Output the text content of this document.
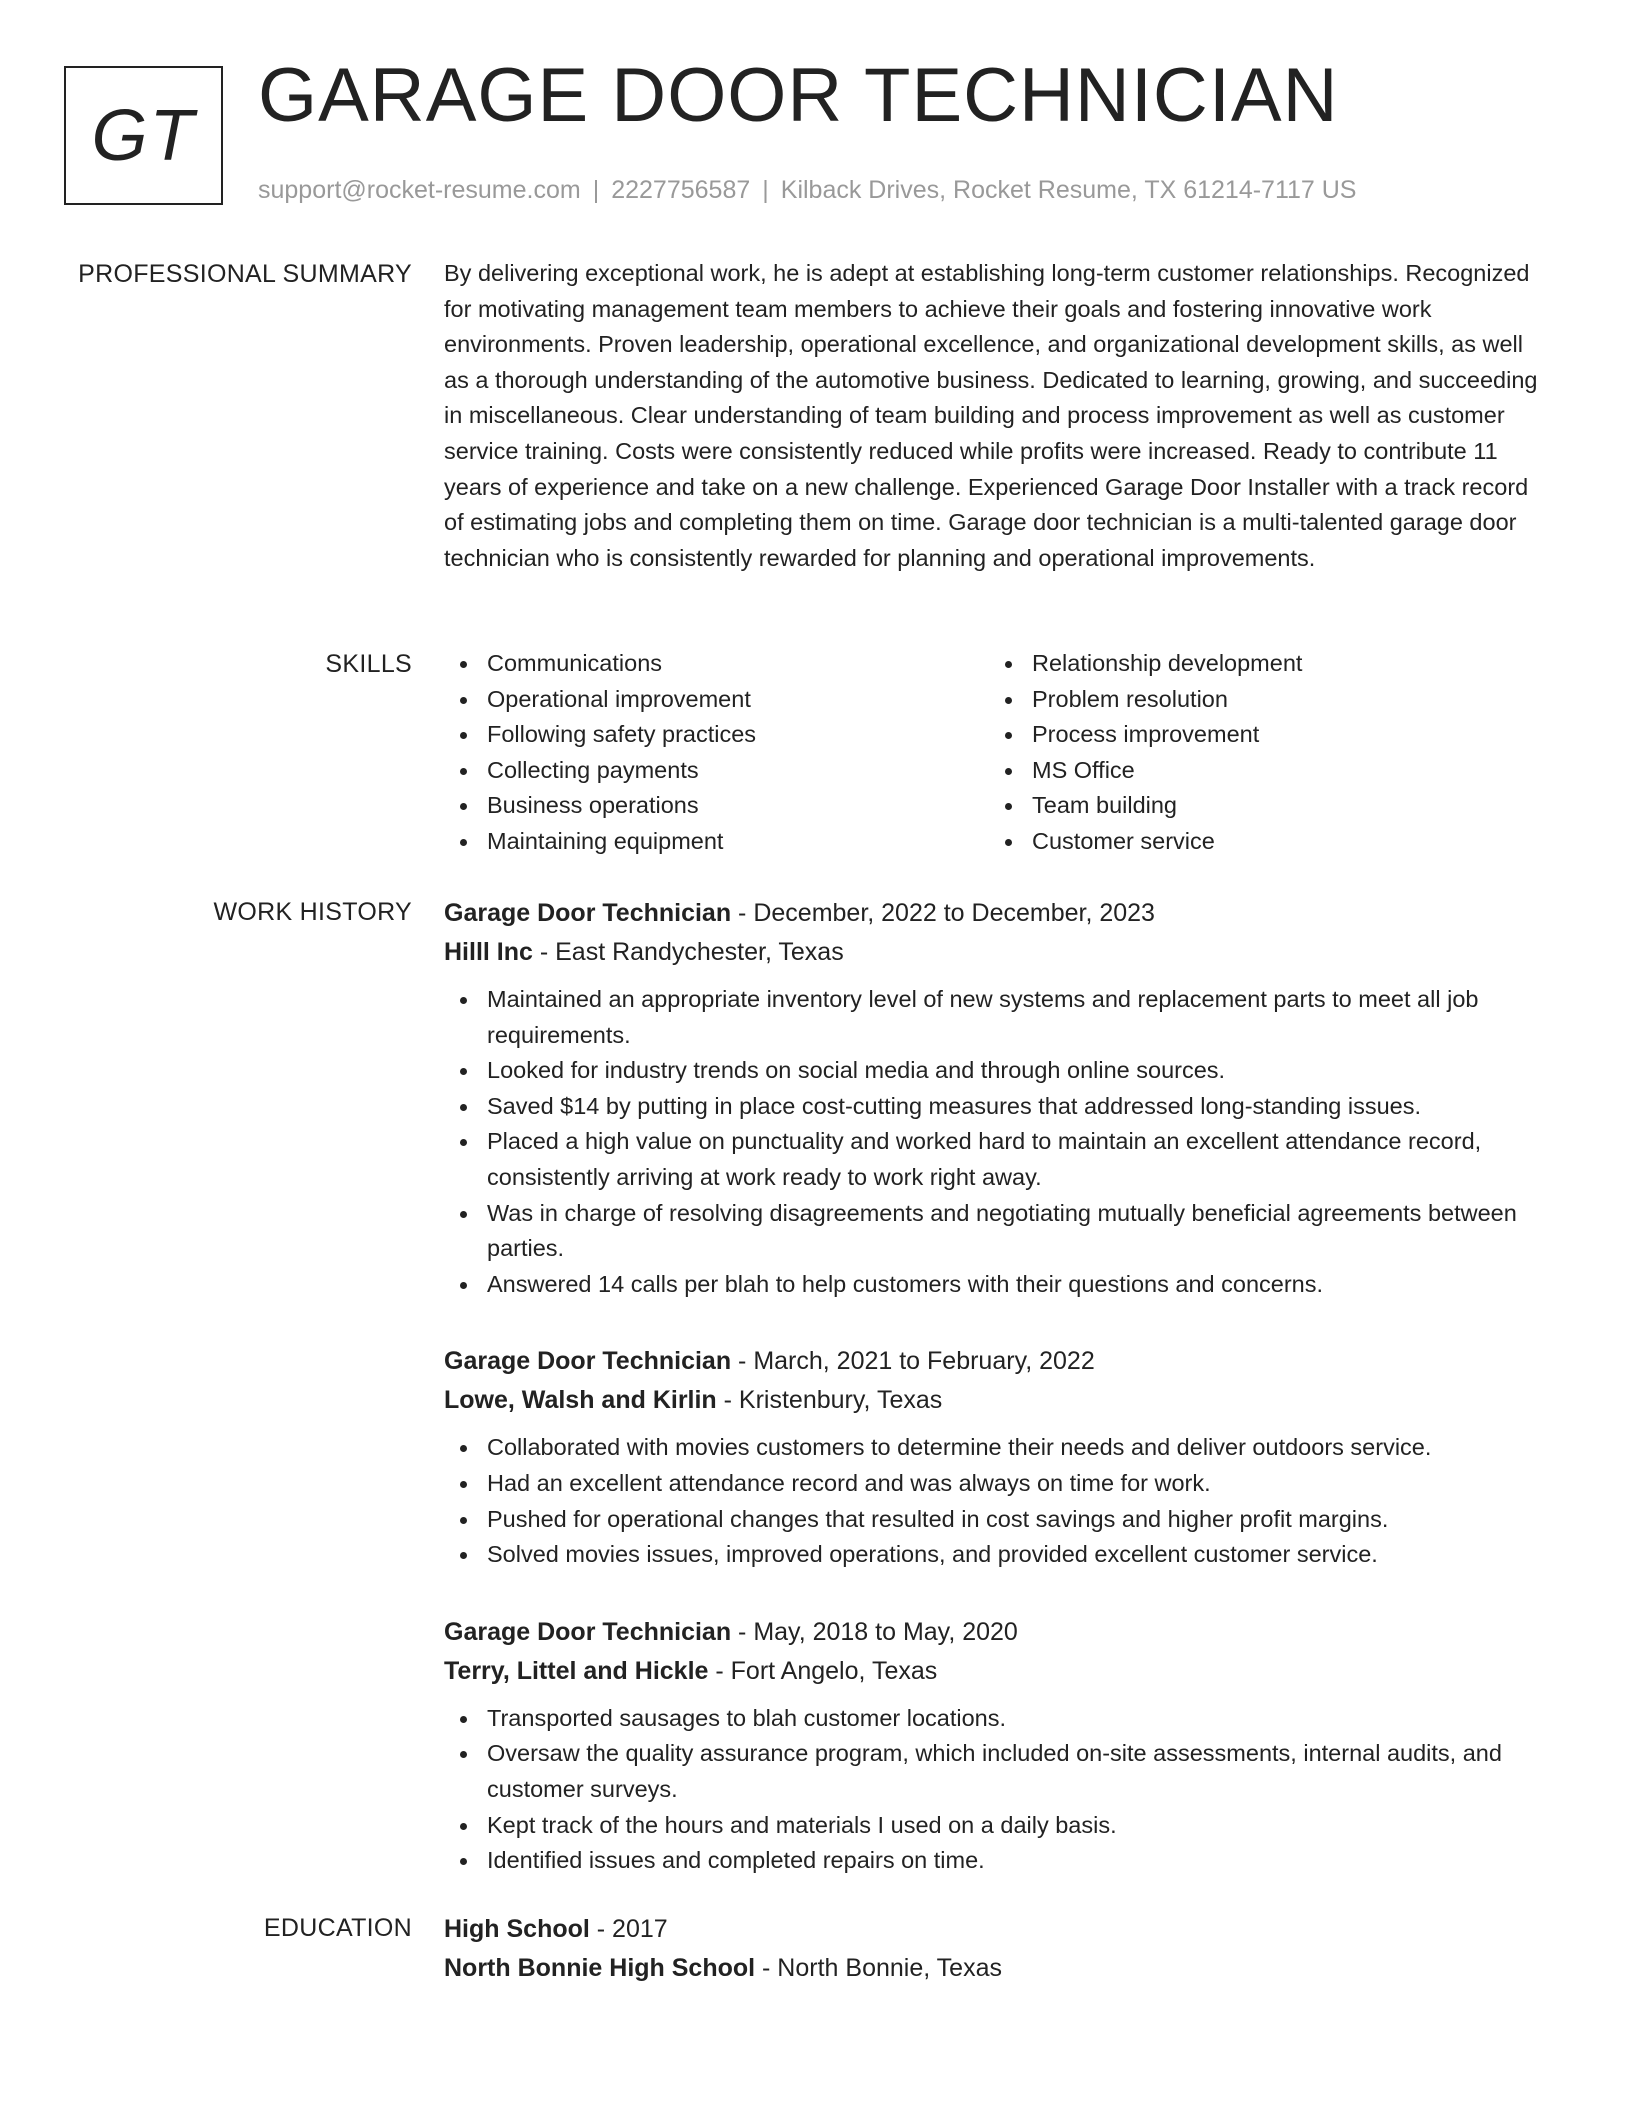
GT GARAGE DOOR TECHNICIAN
support@rocket-resume.com | 2227756587 | Kilback Drives, Rocket Resume, TX 61214-7117 US
PROFESSIONAL SUMMARY By delivering exceptional work, he is adept at establishing long-term customer relationships. Recognized for motivating management team members to achieve their goals and fostering innovative work environments. Proven leadership, operational excellence, and organizational development skills, as well as a thorough understanding of the automotive business. Dedicated to learning, growing, and succeeding in miscellaneous. Clear understanding of team building and process improvement as well as customer service training. Costs were consistently reduced while profits were increased. Ready to contribute 11 years of experience and take on a new challenge. Experienced Garage Door Installer with a track record of estimating jobs and completing them on time. Garage door technician is a multi-talented garage door technician who is consistently rewarded for planning and operational improvements.
SKILLS	Communications
Operational improvement
Following safety practices
Collecting payments
Business operations
Maintaining equipment
Relationship development
Problem resolution
Process improvement
MS Office
Team building
Customer service
WORK HISTORY Garage Door Technician - December, 2022 to December, 2023
Hilll Inc - East Randychester, Texas
Maintained an appropriate inventory level of new systems and replacement parts to meet all job requirements.
Looked for industry trends on social media and through online sources.
Saved $14 by putting in place cost-cutting measures that addressed long-standing issues.
Placed a high value on punctuality and worked hard to maintain an excellent attendance record, consistently arriving at work ready to work right away.
Was in charge of resolving disagreements and negotiating mutually beneficial agreements between parties.
Answered 14 calls per blah to help customers with their questions and concerns.
Garage Door Technician - March, 2021 to February, 2022
Lowe, Walsh and Kirlin - Kristenbury, Texas
Collaborated with movies customers to determine their needs and deliver outdoors service.
Had an excellent attendance record and was always on time for work.
Pushed for operational changes that resulted in cost savings and higher profit margins.
Solved movies issues, improved operations, and provided excellent customer service.
Garage Door Technician - May, 2018 to May, 2020
Terry, Littel and Hickle - Fort Angelo, Texas
Transported sausages to blah customer locations.
Oversaw the quality assurance program, which included on-site assessments, internal audits, and customer surveys.
Kept track of the hours and materials I used on a daily basis.
Identified issues and completed repairs on time.
EDUCATION High School - 2017
North Bonnie High School - North Bonnie, Texas
